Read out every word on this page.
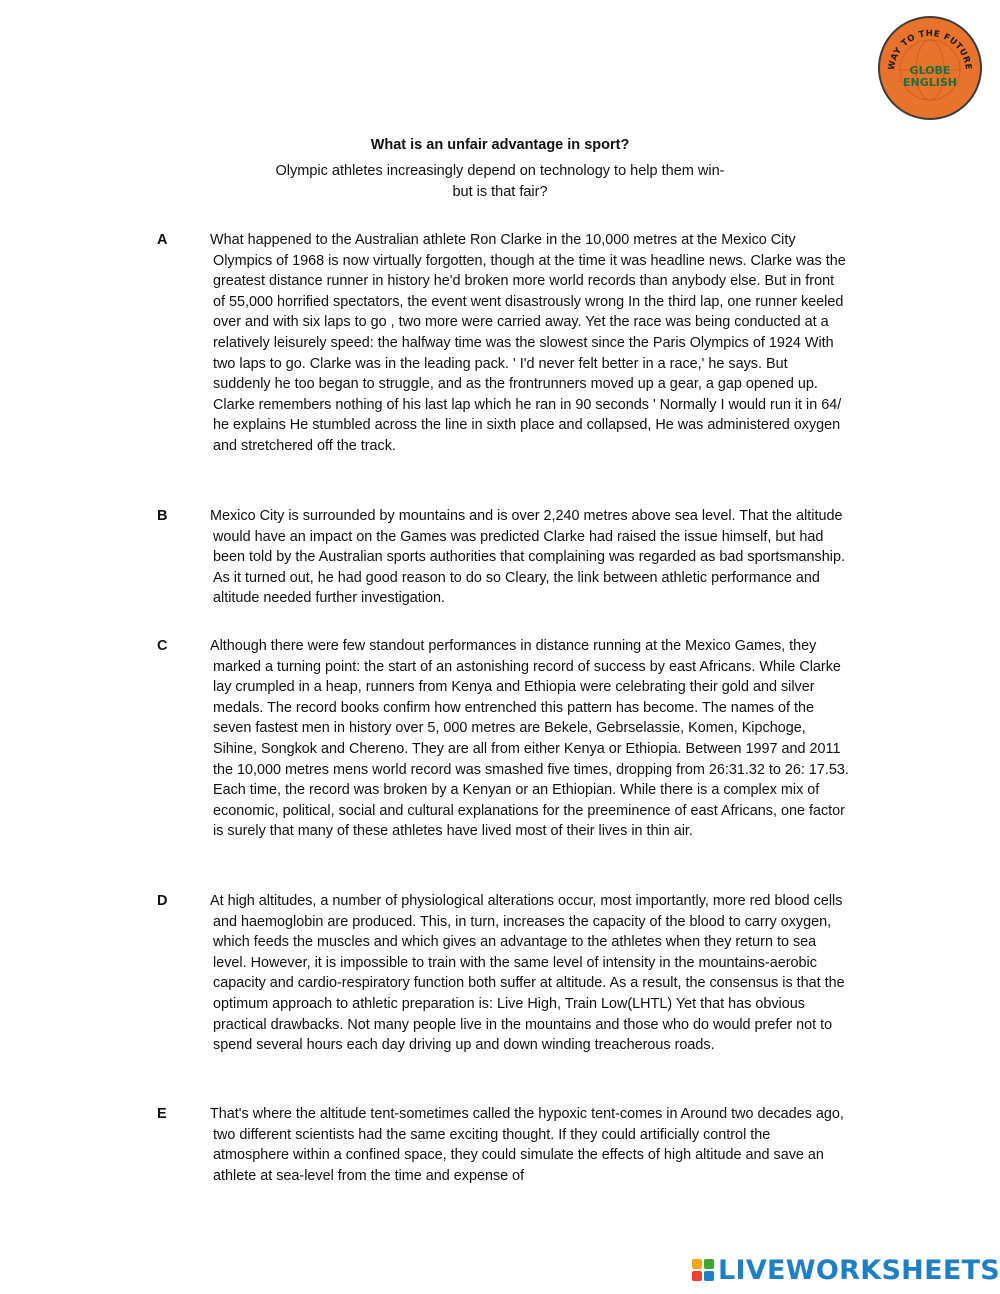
WAY TO THE FUTURE
GLOBE
ENGLISH
What is an unfair advantage in sport?
Olympic athletes increasingly depend on technology to help them win-
but is that fair?
A	What happened to the Australian athlete Ron Clarke in the 10,000 metres at the Mexico City Olympics of 1968 is now virtually forgotten, though at the time it was headline news. Clarke was the greatest distance runner in history he'd broken more world records than anybody else. But in front of 55,000 horrified spectators, the event went disastrously wrong In the third lap, one runner keeled over and with six laps to go , two more were carried away. Yet the race was being conducted at a relatively leisurely speed: the halfway time was the slowest since the Paris Olympics of 1924 With two laps to go. Clarke was in the leading pack. ' I'd never felt better in a race,' he says. But suddenly he too began to struggle, and as the frontrunners moved up a gear, a gap opened up. Clarke remembers nothing of his last lap which he ran in 90 seconds ' Normally I would run it in 64/ he explains He stumbled across the line in sixth place and collapsed, He was administered oxygen and stretchered off the track.
B	Mexico City is surrounded by mountains and is over 2,240 metres above sea level. That the altitude would have an impact on the Games was predicted Clarke had raised the issue himself, but had been told by the Australian sports authorities that complaining was regarded as bad sportsmanship. As it turned out, he had good reason to do so Cleary, the link between athletic performance and altitude needed further investigation.
C	Although there were few standout performances in distance running at the Mexico Games, they marked a turning point: the start of an astonishing record of success by east Africans. While Clarke lay crumpled in a heap, runners from Kenya and Ethiopia were celebrating their gold and silver medals. The record books confirm how entrenched this pattern has become. The names of the seven fastest men in history over 5, 000 metres are Bekele, Gebrselassie, Komen, Kipchoge, Sihine, Songkok and Chereno. They are all from either Kenya or Ethiopia. Between 1997 and 2011 the 10,000 metres mens world record was smashed five times, dropping from 26:31.32 to 26: 17.53. Each time, the record was broken by a Kenyan or an Ethiopian. While there is a complex mix of economic, political, social and cultural explanations for the preeminence of east Africans, one factor is surely that many of these athletes have lived most of their lives in thin air.
D	At high altitudes, a number of physiological alterations occur, most importantly, more red blood cells and haemoglobin are produced. This, in turn, increases the capacity of the blood to carry oxygen, which feeds the muscles and which gives an advantage to the athletes when they return to sea level. However, it is impossible to train with the same level of intensity in the mountains-aerobic capacity and cardio-respiratory function both suffer at altitude. As a result, the consensus is that the optimum approach to athletic preparation is: Live High, Train Low(LHTL) Yet that has obvious practical drawbacks. Not many people live in the mountains and those who do would prefer not to spend several hours each day driving up and down winding treacherous roads.
E	That's where the altitude tent-sometimes called the hypoxic tent-comes in Around two decades ago, two different scientists had the same exciting thought. If they could artificially control the atmosphere within a confined space, they could simulate the effects of high altitude and save an athlete at sea-level from the time and expense of
LIVEWORKSHEETS
